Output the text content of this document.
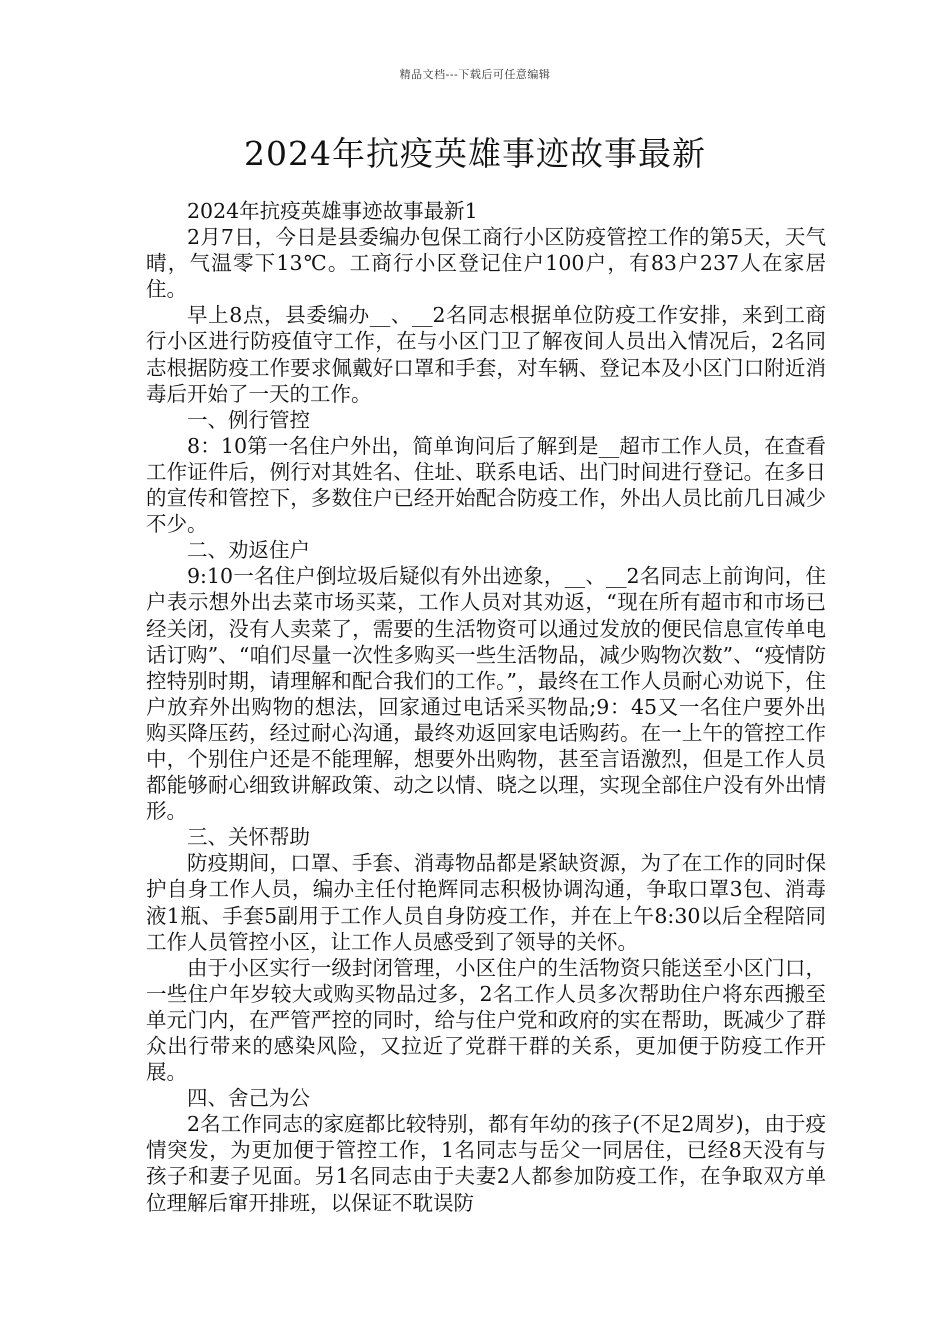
精品文档---下载后可任意编辑
2024年抗疫英雄事迹故事最新

2024年抗疫英雄事迹故事最新1

2月7日，今日是县委编办包保工商行小区防疫管控工作的第5天，天气晴，气温零下13℃。工商行小区登记住户100户，有83户237人在家居住。

早上8点，县委编办__、__2名同志根据单位防疫工作安排，来到工商行小区进行防疫值守工作，在与小区门卫了解夜间人员出入情况后，2名同志根据防疫工作要求佩戴好口罩和手套，对车辆、登记本及小区门口附近消毒后开始了一天的工作。

一、例行管控

8：10第一名住户外出，简单询问后了解到是__超市工作人员，在查看工作证件后，例行对其姓名、住址、联系电话、出门时间进行登记。在多日的宣传和管控下，多数住户已经开始配合防疫工作，外出人员比前几日减少不少。

二、劝返住户

9:10一名住户倒垃圾后疑似有外出迹象，__、__2名同志上前询问，住户表示想外出去菜市场买菜，工作人员对其劝返，“现在所有超市和市场已经关闭，没有人卖菜了，需要的生活物资可以通过发放的便民信息宣传单电话订购”、“咱们尽量一次性多购买一些生活物品，减少购物次数”、“疫情防控特别时期，请理解和配合我们的工作。”，最终在工作人员耐心劝说下，住户放弃外出购物的想法，回家通过电话采买物品;9：45又一名住户要外出购买降压药，经过耐心沟通，最终劝返回家电话购药。在一上午的管控工作中，个别住户还是不能理解，想要外出购物，甚至言语激烈，但是工作人员都能够耐心细致讲解政策、动之以情、晓之以理，实现全部住户没有外出情形。

三、关怀帮助

防疫期间，口罩、手套、消毒物品都是紧缺资源，为了在工作的同时保护自身工作人员，编办主任付艳辉同志积极协调沟通，争取口罩3包、消毒液1瓶、手套5副用于工作人员自身防疫工作，并在上午8:30以后全程陪同工作人员管控小区，让工作人员感受到了领导的关怀。

由于小区实行一级封闭管理，小区住户的生活物资只能送至小区门口，一些住户年岁较大或购买物品过多，2名工作人员多次帮助住户将东西搬至单元门内，在严管严控的同时，给与住户党和政府的实在帮助，既减少了群众出行带来的感染风险，又拉近了党群干群的关系，更加便于防疫工作开展。

四、舍己为公

2名工作同志的家庭都比较特别，都有年幼的孩子(不足2周岁)，由于疫情突发，为更加便于管控工作，1名同志与岳父一同居住，已经8天没有与孩子和妻子见面。另1名同志由于夫妻2人都参加防疫工作，在争取双方单位理解后窜开排班，以保证不耽误防
